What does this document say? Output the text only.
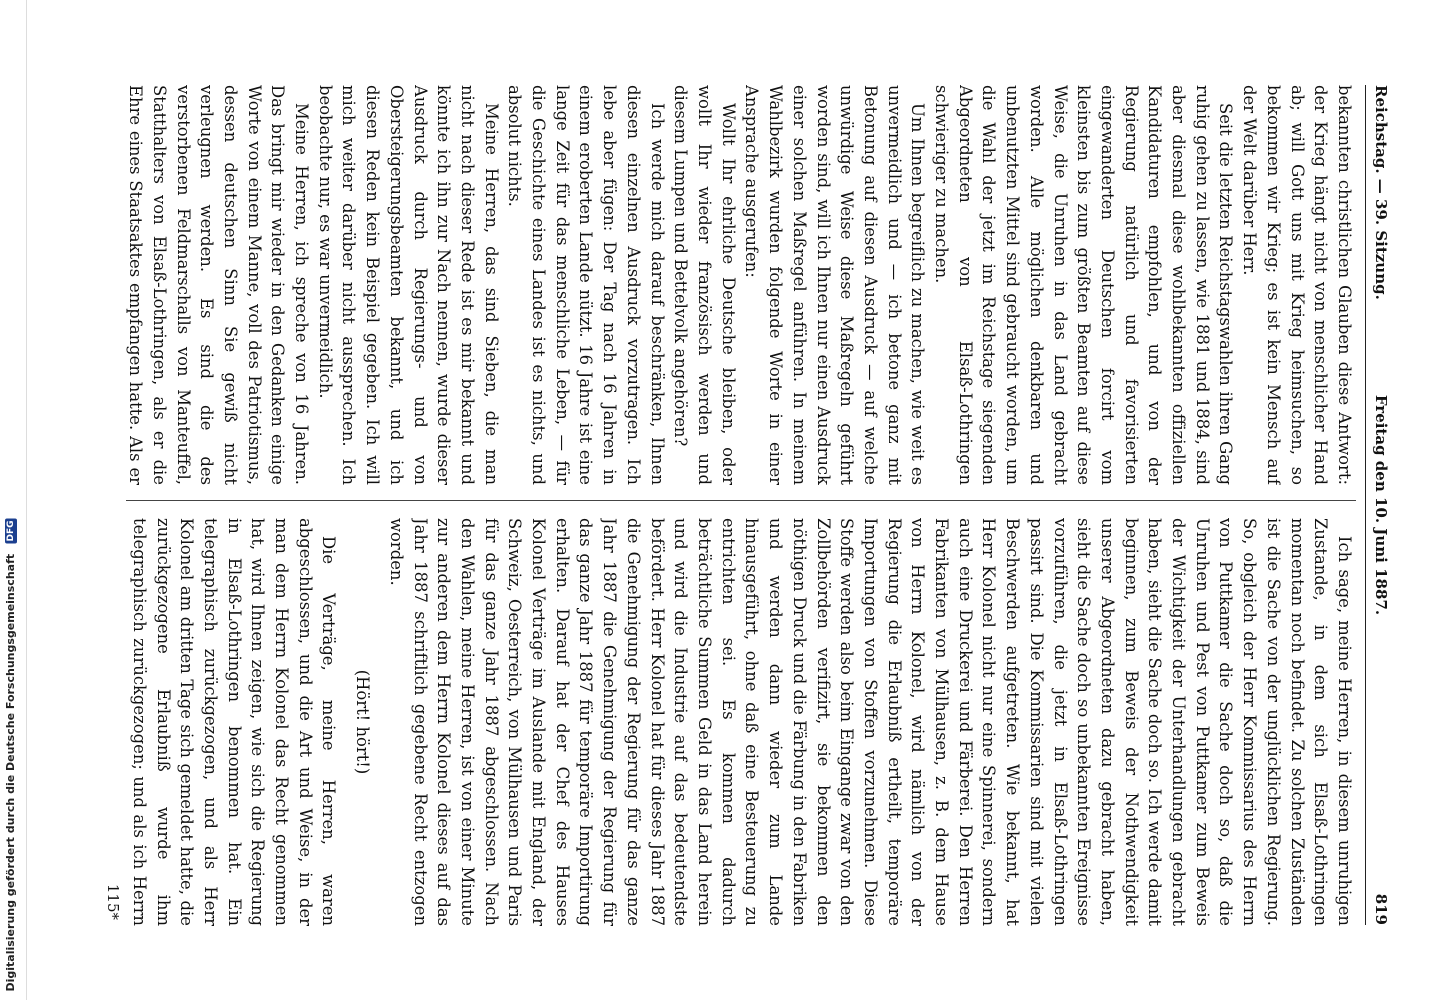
Reichstag. — 39. Sitzung.
Freitag den 10. Juni 1887.
819

bekannten christlichen Glauben diese Antwort: der Krieg hängt nicht von menschlicher Hand ab; will Gott uns mit Krieg heimsuchen, so bekommen wir Krieg; es ist kein Mensch auf der Welt darüber Herr.

Seit die letzten Reichstagswahlen ihren Gang ruhig gehen zu lassen, wie 1881 und 1884, sind aber diesmal diese wohlbekannten offiziellen Kandidaturen empfohlen, und von der Regierung natürlich und favorisierten eingewanderten Deutschen forcirt vom kleinsten bis zum größten Beamten auf diese Weise, die Unruhen in das Land gebracht worden. Alle möglichen denkbaren und unbenutzten Mittel sind gebraucht worden, um die Wahl der jetzt im Reichstage siegenden Abgeordneten von Elsaß-Lothringen schwieriger zu machen.

Um Ihnen begreiflich zu machen, wie weit es unvermeidlich und — ich betone ganz mit Betonung auf diesen Ausdruck — auf welche unwürdige Weise diese Maßregeln geführt worden sind, will ich Ihnen nur einen Ausdruck einer solchen Maßregel anführen. In meinem Wahlbezirk wurden folgende Worte in einer Ansprache ausgerufen:

Wollt Ihr ehrliche Deutsche bleiben, oder wollt Ihr wieder französisch werden und diesem Lumpen und Bettelvolk angehören?

Ich werde mich darauf beschränken, Ihnen diesen einzelnen Ausdruck vorzutragen. Ich lebe aber fügen: Der Tag nach 16 Jahren in einem eroberten Lande nützt. 16 Jahre ist eine lange Zeit für das menschliche Leben, — für die Geschichte eines Landes ist es nichts, und absolut nichts.

Meine Herren, das sind Sieben, die man nicht nach dieser Rede ist es mir bekannt und könnte ich ihn zur Nach nennen, wurde dieser Ausdruck durch Regierungs- und von Obersteigerungsbeamten bekannt, und ich diesen Reden kein Beispiel gegeben. Ich will mich weiter darüber nicht aussprechen. Ich beobachte nur, es war unvermeidlich.

Meine Herren, ich spreche von 16 Jahren. Das bringt mir wieder in den Gedanken einige Worte von einem Manne, voll des Patriotismus, dessen deutschen Sinn Sie gewiß nicht verleugnen werden. Es sind die des verstorbenen Feldmarschalls von Manteuffel, Statthalters von Elsaß-Lothringen, als er die Ehre eines Staatsaktes empfangen hatte. Als er

Ich sage, meine Herren, in diesem unruhigen Zustande, in dem sich Elsaß-Lothringen momentan noch befindet. Zu solchen Zuständen ist die Sache von der unglücklichen Regierung. So, obgleich der Herr Kommissarius des Herrn von Puttkamer die Sache doch so, daß die Unruhen und Pest von Puttkamer zum Beweis der Wichtigkeit der Unterhandlungen gebracht haben, sieht die Sache doch so. Ich werde damit beginnen, zum Beweis der Nothwendigkeit unserer Abgeordneten dazu gebracht haben, sieht die Sache doch so unbekannten Ereignisse vorzuführen, die jetzt in Elsaß-Lothringen passirt sind. Die Kommissarien sind mit vielen Beschwerden aufgetreten. Wie bekannt, hat Herr Kolonel nicht nur eine Spinnerei, sondern auch eine Druckerei und Färberei. Den Herren Fabrikanten von Mülhausen, z. B. dem Hause von Herrn Kolonel, wird nämlich von der Regierung die Erlaubniß ertheilt, temporäre Importungen von Stoffen vorzunehmen. Diese Stoffe werden also beim Eingange zwar von den Zollbehörden verifizirt, sie bekommen den nöthigen Druck und die Färbung in den Fabriken und werden dann wieder zum Lande hinausgeführt, ohne daß eine Besteuerung zu entrichten sei. Es kommen dadurch beträchtliche Summen Geld in das Land herein und wird die Industrie auf das bedeutendste befördert. Herr Kolonel hat für dieses Jahr 1887 die Genehmigung der Regierung für das ganze Jahr 1887 die Genehmigung der Regierung für das ganze Jahr 1887 für temporäre Importirung erhalten. Darauf hat der Chef des Hauses Kolonel Verträge im Auslande mit England, der Schweiz, Oesterreich, von Mülhausen und Paris für das ganze Jahr 1887 abgeschlossen. Nach den Wahlen, meine Herren, ist von einer Minute zur anderen dem Herrn Kolonel dieses auf das Jahr 1887 schriftlich gegebene Recht entzogen worden.

(Hört! hört!)

Die Verträge, meine Herren, waren abgeschlossen, und die Art und Weise, in der man dem Herrn Kolonel das Recht genommen hat, wird Ihnen zeigen, wie sich die Regierung in Elsaß-Lothringen benommen hat. Ein telegraphisch zurückgezogen, und als Herr Kolonel am dritten Tage sich gemeldet hatte, die zurückgezogene Erlaubniß wurde ihm telegraphisch zurückgezogen; und als ich Herrn

115*
Digitalisierung gefördert durch die Deutsche Forschungsgemeinschaft DFG
